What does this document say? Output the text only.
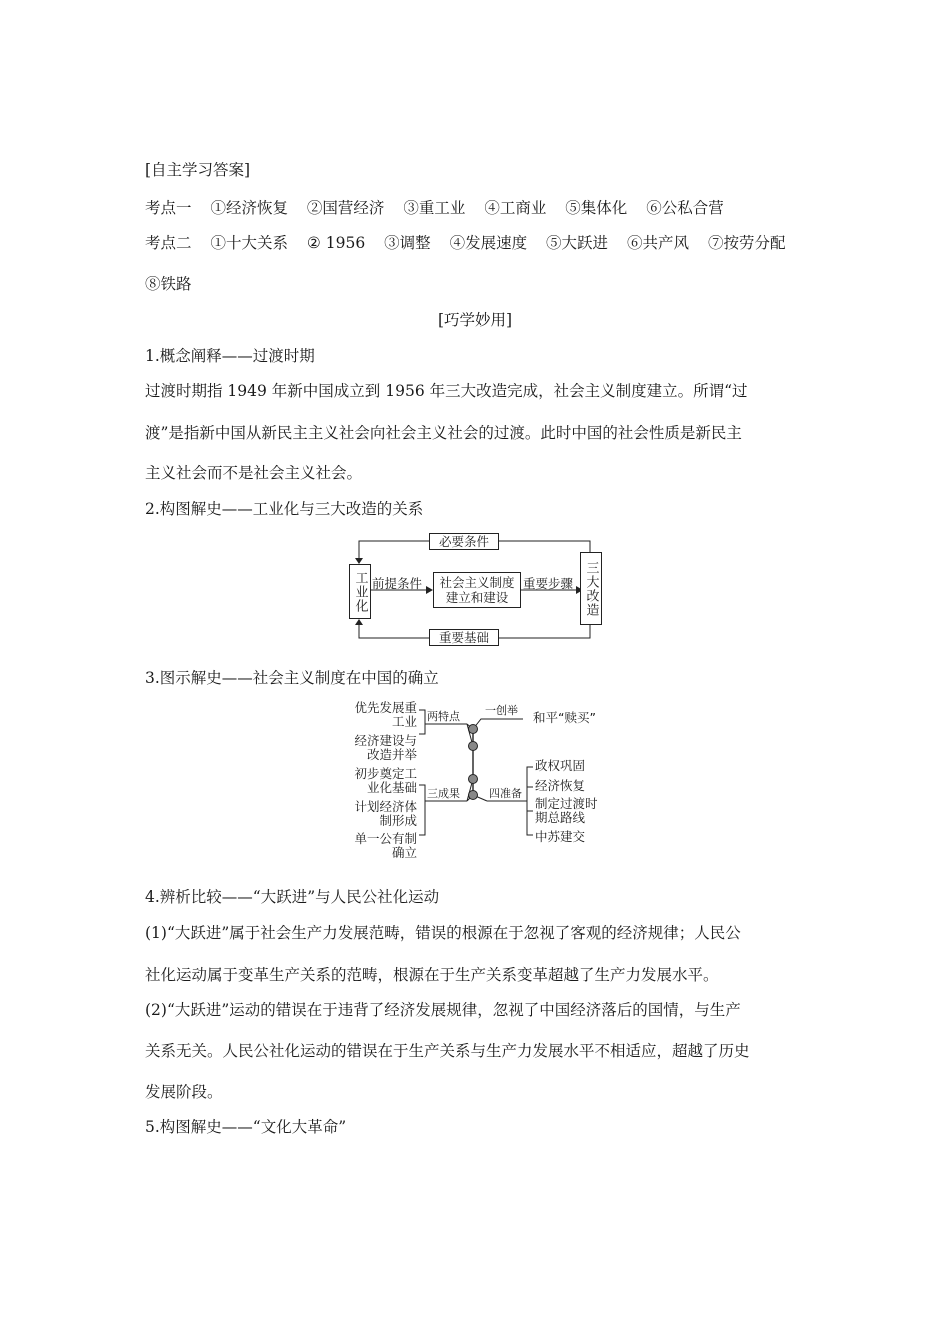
[自主学习答案]
考点一 ①经济恢复 ②国营经济 ③重工业 ④工商业 ⑤集体化 ⑥公私合营
考点二 ①十大关系 ② 1956 ③调整 ④发展速度 ⑤大跃进 ⑥共产风 ⑦按劳分配
⑧铁路
[巧学妙用]
1.概念阐释——过渡时期
过渡时期指 1949 年新中国成立到 1956 年三大改造完成，社会主义制度建立。所谓“过
渡”是指新中国从新民主主义社会向社会主义社会的过渡。此时中国的社会性质是新民主
主义社会而不是社会主义社会。
2.构图解史——工业化与三大改造的关系
必要条件
重要基础
工业化	三大改造
社会主义制度
建立和建设
前提条件	重要步骤
3.图示解史——社会主义制度在中国的确立
优先发展重
工业
经济建设与
改造并举
初步奠定工
业化基础
计划经济体
制形成
单一公有制
确立
两特点
三成果
一创举 和平“赎买”
四准备
政权巩固
经济恢复
制定过渡时
期总路线
中苏建交
4.辨析比较——“大跃进”与人民公社化运动
(1)“大跃进”属于社会生产力发展范畴，错误的根源在于忽视了客观的经济规律；人民公
社化运动属于变革生产关系的范畴，根源在于生产关系变革超越了生产力发展水平。
(2)“大跃进”运动的错误在于违背了经济发展规律，忽视了中国经济落后的国情，与生产
关系无关。人民公社化运动的错误在于生产关系与生产力发展水平不相适应，超越了历史
发展阶段。
5.构图解史——“文化大革命”
